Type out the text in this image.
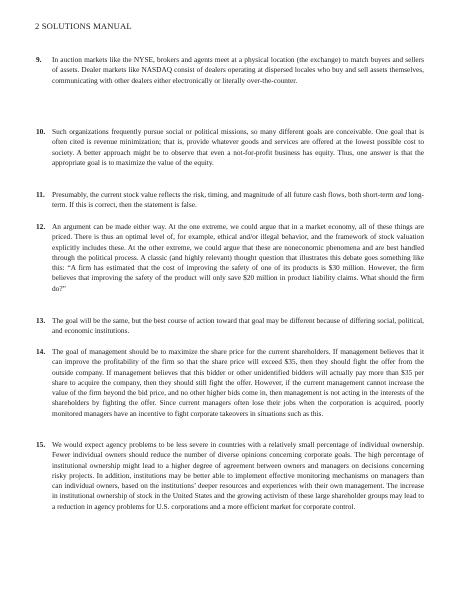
2 SOLUTIONS MANUAL
9. In auction markets like the NYSE, brokers and agents meet at a physical location (the exchange) to match buyers and sellers of assets. Dealer markets like NASDAQ consist of dealers operating at dispersed locales who buy and sell assets themselves, communicating with other dealers either electronically or literally over-the-counter.
10. Such organizations frequently pursue social or political missions, so many different goals are conceivable. One goal that is often cited is revenue minimization; that is, provide whatever goods and services are offered at the lowest possible cost to society. A better approach might be to observe that even a not-for-profit business has equity. Thus, one answer is that the appropriate goal is to maximize the value of the equity.
11. Presumably, the current stock value reflects the risk, timing, and magnitude of all future cash flows, both short-term and long-term. If this is correct, then the statement is false.
12. An argument can be made either way. At the one extreme, we could argue that in a market economy, all of these things are priced. There is thus an optimal level of, for example, ethical and/or illegal behavior, and the framework of stock valuation explicitly includes these. At the other extreme, we could argue that these are noneconomic phenomena and are best handled through the political process. A classic (and highly relevant) thought question that illustrates this debate goes something like this: “A firm has estimated that the cost of improving the safety of one of its products is $30 million. However, the firm believes that improving the safety of the product will only save $20 million in product liability claims. What should the firm do?”
13. The goal will be the same, but the best course of action toward that goal may be different because of differing social, political, and economic institutions.
14. The goal of management should be to maximize the share price for the current shareholders. If management believes that it can improve the profitability of the firm so that the share price will exceed $35, then they should fight the offer from the outside company. If management believes that this bidder or other unidentified bidders will actually pay more than $35 per share to acquire the company, then they should still fight the offer. However, if the current management cannot increase the value of the firm beyond the bid price, and no other higher bids come in, then management is not acting in the interests of the shareholders by fighting the offer. Since current managers often lose their jobs when the corporation is acquired, poorly monitored managers have an incentive to fight corporate takeovers in situations such as this.
15. We would expect agency problems to be less severe in countries with a relatively small percentage of individual ownership. Fewer individual owners should reduce the number of diverse opinions concerning corporate goals. The high percentage of institutional ownership might lead to a higher degree of agreement between owners and managers on decisions concerning risky projects. In addition, institutions may be better able to implement effective monitoring mechanisms on managers than can individual owners, based on the institutions’ deeper resources and experiences with their own management. The increase in institutional ownership of stock in the United States and the growing activism of these large shareholder groups may lead to a reduction in agency problems for U.S. corporations and a more efficient market for corporate control.
